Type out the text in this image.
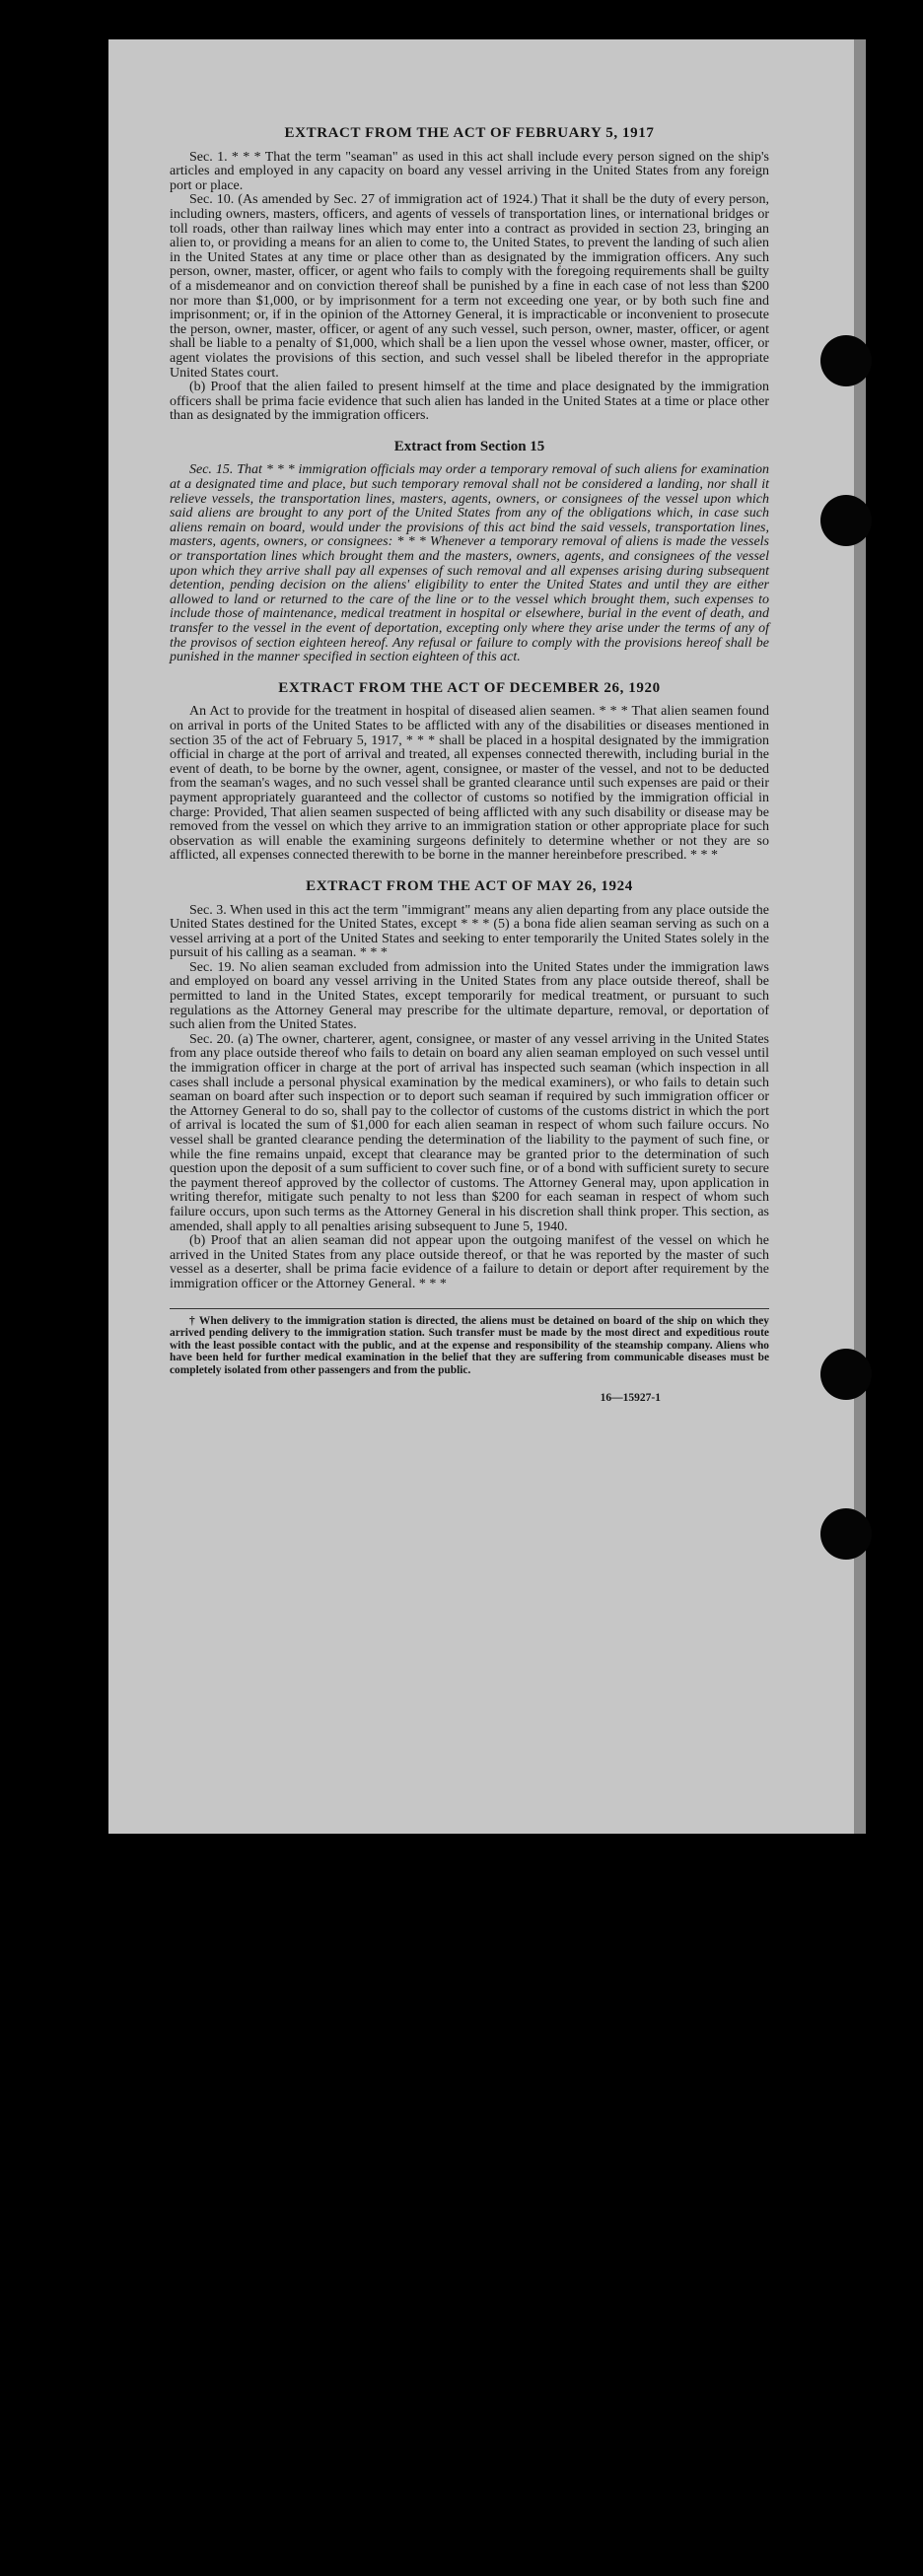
EXTRACT FROM THE ACT OF FEBRUARY 5, 1917

Sec. 1. * * * That the term "seaman" as used in this act shall include every person signed on the ship's articles and employed in any capacity on board any vessel arriving in the United States from any foreign port or place.

Sec. 10. (As amended by Sec. 27 of immigration act of 1924.) That it shall be the duty of every person, including owners, masters, officers, and agents of vessels of transportation lines, or international bridges or toll roads, other than railway lines which may enter into a contract as provided in section 23, bringing an alien to, or providing a means for an alien to come to, the United States, to prevent the landing of such alien in the United States at any time or place other than as designated by the immigration officers. Any such person, owner, master, officer, or agent who fails to comply with the foregoing requirements shall be guilty of a misdemeanor and on conviction thereof shall be punished by a fine in each case of not less than $200 nor more than $1,000, or by imprisonment for a term not exceeding one year, or by both such fine and imprisonment; or, if in the opinion of the Attorney General, it is impracticable or inconvenient to prosecute the person, owner, master, officer, or agent of any such vessel, such person, owner, master, officer, or agent shall be liable to a penalty of $1,000, which shall be a lien upon the vessel whose owner, master, officer, or agent violates the provisions of this section, and such vessel shall be libeled therefor in the appropriate United States court.

(b) Proof that the alien failed to present himself at the time and place designated by the immigration officers shall be prima facie evidence that such alien has landed in the United States at a time or place other than as designated by the immigration officers.

Extract from Section 15

Sec. 15. That * * * immigration officials may order a temporary removal of such aliens for examination at a designated time and place, but such temporary removal shall not be considered a landing, nor shall it relieve vessels, the transportation lines, masters, agents, owners, or consignees of the vessel upon which said aliens are brought to any port of the United States from any of the obligations which, in case such aliens remain on board, would under the provisions of this act bind the said vessels, transportation lines, masters, agents, owners, or consignees: * * * Whenever a temporary removal of aliens is made the vessels or transportation lines which brought them and the masters, owners, agents, and consignees of the vessel upon which they arrive shall pay all expenses of such removal and all expenses arising during subsequent detention, pending decision on the aliens' eligibility to enter the United States and until they are either allowed to land or returned to the care of the line or to the vessel which brought them, such expenses to include those of maintenance, medical treatment in hospital or elsewhere, burial in the event of death, and transfer to the vessel in the event of deportation, excepting only where they arise under the terms of any of the provisos of section eighteen hereof. Any refusal or failure to comply with the provisions hereof shall be punished in the manner specified in section eighteen of this act.

EXTRACT FROM THE ACT OF DECEMBER 26, 1920

An Act to provide for the treatment in hospital of diseased alien seamen. * * * That alien seamen found on arrival in ports of the United States to be afflicted with any of the disabilities or diseases mentioned in section 35 of the act of February 5, 1917, * * * shall be placed in a hospital designated by the immigration official in charge at the port of arrival and treated, all expenses connected therewith, including burial in the event of death, to be borne by the owner, agent, consignee, or master of the vessel, and not to be deducted from the seaman's wages, and no such vessel shall be granted clearance until such expenses are paid or their payment appropriately guaranteed and the collector of customs so notified by the immigration official in charge: Provided, That alien seamen suspected of being afflicted with any such disability or disease may be removed from the vessel on which they arrive to an immigration station or other appropriate place for such observation as will enable the examining surgeons definitely to determine whether or not they are so afflicted, all expenses connected therewith to be borne in the manner hereinbefore prescribed. * * *

EXTRACT FROM THE ACT OF MAY 26, 1924

Sec. 3. When used in this act the term "immigrant" means any alien departing from any place outside the United States destined for the United States, except * * * (5) a bona fide alien seaman serving as such on a vessel arriving at a port of the United States and seeking to enter temporarily the United States solely in the pursuit of his calling as a seaman. * * *

Sec. 19. No alien seaman excluded from admission into the United States under the immigration laws and employed on board any vessel arriving in the United States from any place outside thereof, shall be permitted to land in the United States, except temporarily for medical treatment, or pursuant to such regulations as the Attorney General may prescribe for the ultimate departure, removal, or deportation of such alien from the United States.

Sec. 20. (a) The owner, charterer, agent, consignee, or master of any vessel arriving in the United States from any place outside thereof who fails to detain on board any alien seaman employed on such vessel until the immigration officer in charge at the port of arrival has inspected such seaman (which inspection in all cases shall include a personal physical examination by the medical examiners), or who fails to detain such seaman on board after such inspection or to deport such seaman if required by such immigration officer or the Attorney General to do so, shall pay to the collector of customs of the customs district in which the port of arrival is located the sum of $1,000 for each alien seaman in respect of whom such failure occurs. No vessel shall be granted clearance pending the determination of the liability to the payment of such fine, or while the fine remains unpaid, except that clearance may be granted prior to the determination of such question upon the deposit of a sum sufficient to cover such fine, or of a bond with sufficient surety to secure the payment thereof approved by the collector of customs. The Attorney General may, upon application in writing therefor, mitigate such penalty to not less than $200 for each seaman in respect of whom such failure occurs, upon such terms as the Attorney General in his discretion shall think proper. This section, as amended, shall apply to all penalties arising subsequent to June 5, 1940.

(b) Proof that an alien seaman did not appear upon the outgoing manifest of the vessel on which he arrived in the United States from any place outside thereof, or that he was reported by the master of such vessel as a deserter, shall be prima facie evidence of a failure to detain or deport after requirement by the immigration officer or the Attorney General. * * *

† When delivery to the immigration station is directed, the aliens must be detained on board of the ship on which they arrived pending delivery to the immigration station. Such transfer must be made by the most direct and expeditious route with the least possible contact with the public, and at the expense and responsibility of the steamship company. Aliens who have been held for further medical examination in the belief that they are suffering from communicable diseases must be completely isolated from other passengers and from the public.

16—15927-1
